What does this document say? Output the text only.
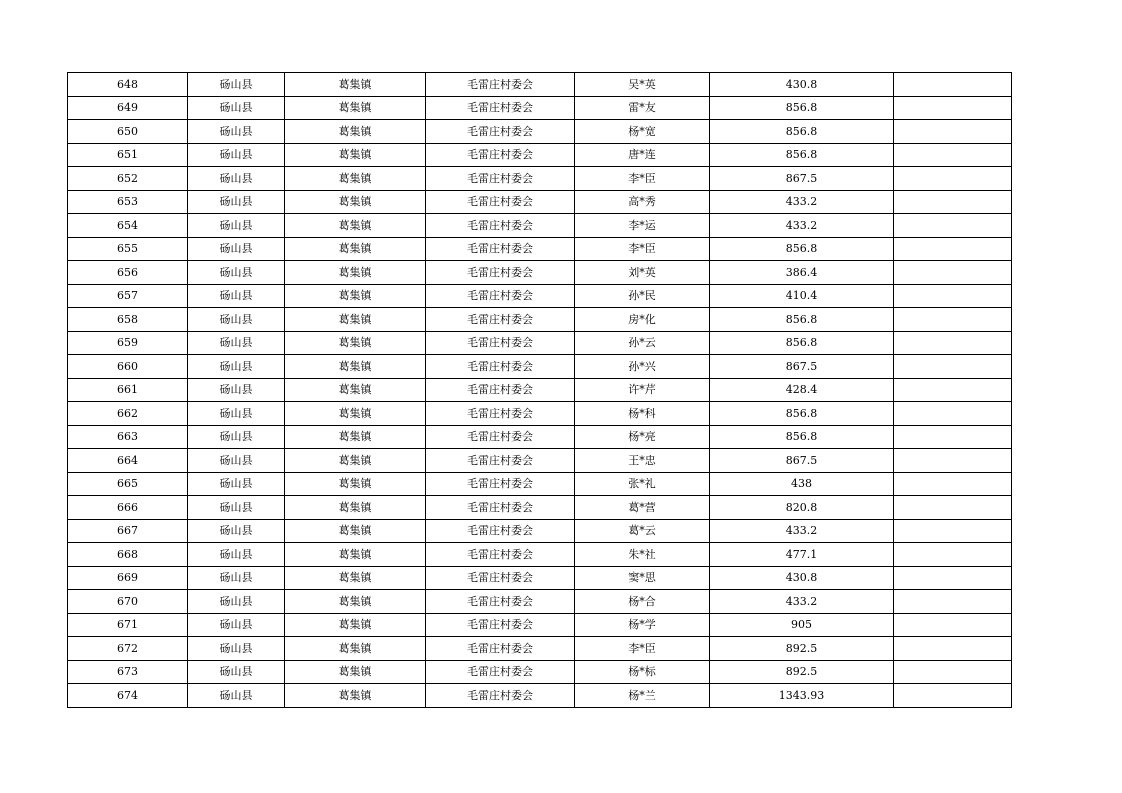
648	砀山县	葛集镇	毛雷庄村委会	吴*英	430.8	
649	砀山县	葛集镇	毛雷庄村委会	雷*友	856.8	
650	砀山县	葛集镇	毛雷庄村委会	杨*宽	856.8	
651	砀山县	葛集镇	毛雷庄村委会	唐*连	856.8	
652	砀山县	葛集镇	毛雷庄村委会	李*臣	867.5	
653	砀山县	葛集镇	毛雷庄村委会	高*秀	433.2	
654	砀山县	葛集镇	毛雷庄村委会	李*运	433.2	
655	砀山县	葛集镇	毛雷庄村委会	李*臣	856.8	
656	砀山县	葛集镇	毛雷庄村委会	刘*英	386.4	
657	砀山县	葛集镇	毛雷庄村委会	孙*民	410.4	
658	砀山县	葛集镇	毛雷庄村委会	房*化	856.8	
659	砀山县	葛集镇	毛雷庄村委会	孙*云	856.8	
660	砀山县	葛集镇	毛雷庄村委会	孙*兴	867.5	
661	砀山县	葛集镇	毛雷庄村委会	许*芹	428.4	
662	砀山县	葛集镇	毛雷庄村委会	杨*科	856.8	
663	砀山县	葛集镇	毛雷庄村委会	杨*亮	856.8	
664	砀山县	葛集镇	毛雷庄村委会	王*忠	867.5	
665	砀山县	葛集镇	毛雷庄村委会	张*礼	438	
666	砀山县	葛集镇	毛雷庄村委会	葛*营	820.8	
667	砀山县	葛集镇	毛雷庄村委会	葛*云	433.2	
668	砀山县	葛集镇	毛雷庄村委会	朱*社	477.1	
669	砀山县	葛集镇	毛雷庄村委会	窦*思	430.8	
670	砀山县	葛集镇	毛雷庄村委会	杨*合	433.2	
671	砀山县	葛集镇	毛雷庄村委会	杨*学	905	
672	砀山县	葛集镇	毛雷庄村委会	李*臣	892.5	
673	砀山县	葛集镇	毛雷庄村委会	杨*标	892.5	
674	砀山县	葛集镇	毛雷庄村委会	杨*兰	1343.93	
